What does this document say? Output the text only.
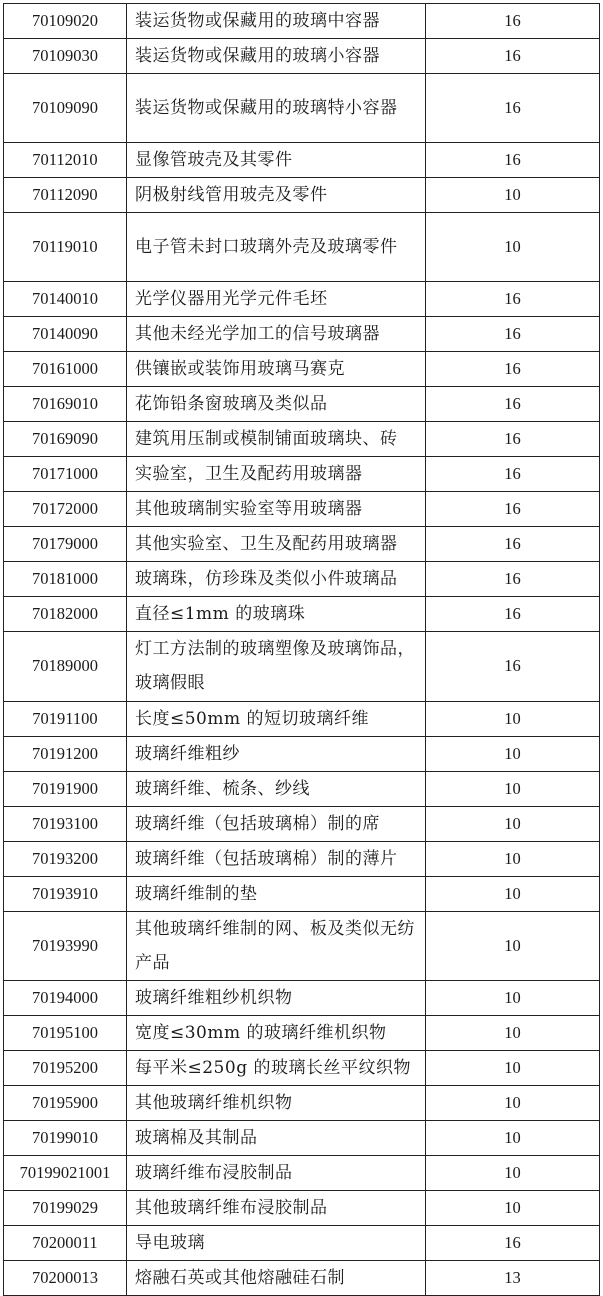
70109020	装运货物或保藏用的玻璃中容器	16
70109030	装运货物或保藏用的玻璃小容器	16
70109090	装运货物或保藏用的玻璃特小容器	16
70112010	显像管玻壳及其零件	16
70112090	阴极射线管用玻壳及零件	10
70119010	电子管未封口玻璃外壳及玻璃零件	10
70140010	光学仪器用光学元件毛坯	16
70140090	其他未经光学加工的信号玻璃器	16
70161000	供镶嵌或装饰用玻璃马赛克	16
70169010	花饰铅条窗玻璃及类似品	16
70169090	建筑用压制或模制铺面玻璃块、砖	16
70171000	实验室，卫生及配药用玻璃器	16
70172000	其他玻璃制实验室等用玻璃器	16
70179000	其他实验室、卫生及配药用玻璃器	16
70181000	玻璃珠，仿珍珠及类似小件玻璃品	16
70182000	直径≤1mm 的玻璃珠	16
70189000	灯工方法制的玻璃塑像及玻璃饰品，玻璃假眼	16
70191100	长度≤50mm 的短切玻璃纤维	10
70191200	玻璃纤维粗纱	10
70191900	玻璃纤维、梳条、纱线	10
70193100	玻璃纤维（包括玻璃棉）制的席	10
70193200	玻璃纤维（包括玻璃棉）制的薄片	10
70193910	玻璃纤维制的垫	10
70193990	其他玻璃纤维制的网、板及类似无纺产品	10
70194000	玻璃纤维粗纱机织物	10
70195100	宽度≤30mm 的玻璃纤维机织物	10
70195200	每平米≤250g 的玻璃长丝平纹织物	10
70195900	其他玻璃纤维机织物	10
70199010	玻璃棉及其制品	10
70199021001	玻璃纤维布浸胶制品	10
70199029	其他玻璃纤维布浸胶制品	10
70200011	导电玻璃	16
70200013	熔融石英或其他熔融硅石制	13
